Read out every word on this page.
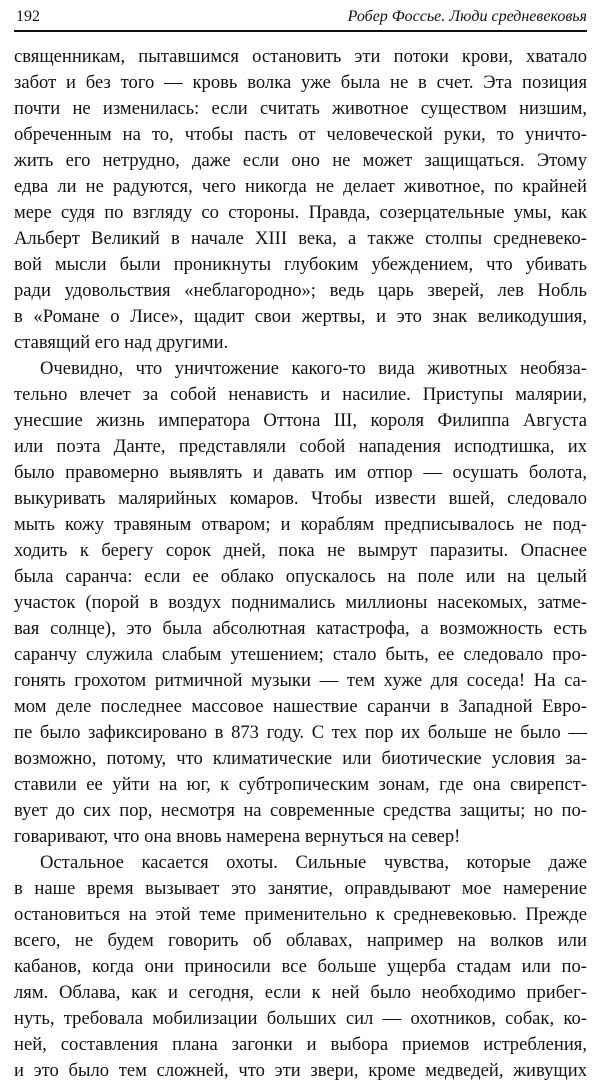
192	Робер Фоссье. Люди средневековья
священникам, пытавшимся остановить эти потоки крови, хватало
забот и без того — кровь волка уже была не в счет. Эта позиция
почти не изменилась: если считать животное существом низшим,
обреченным на то, чтобы пасть от человеческой руки, то уничто-
жить его нетрудно, даже если оно не может защищаться. Этому
едва ли не радуются, чего никогда не делает животное, по крайней
мере судя по взгляду со стороны. Правда, созерцательные умы, как
Альберт Великий в начале XIII века, а также столпы средневеко-
вой мысли были проникнуты глубоким убеждением, что убивать
ради удовольствия «неблагородно»; ведь царь зверей, лев Нобль
в «Романе о Лисе», щадит свои жертвы, и это знак великодушия,
ставящий его над другими.
Очевидно, что уничтожение какого-то вида животных необяза-
тельно влечет за собой ненависть и насилие. Приступы малярии,
унесшие жизнь императора Оттона III, короля Филиппа Августа
или поэта Данте, представляли собой нападения исподтишка, их
было правомерно выявлять и давать им отпор — осушать болота,
выкуривать малярийных комаров. Чтобы извести вшей, следовало
мыть кожу травяным отваром; и кораблям предписывалось не под-
ходить к берегу сорок дней, пока не вымрут паразиты. Опаснее
была саранча: если ее облако опускалось на поле или на целый
участок (порой в воздух поднимались миллионы насекомых, затме-
вая солнце), это была абсолютная катастрофа, а возможность есть
саранчу служила слабым утешением; стало быть, ее следовало про-
гонять грохотом ритмичной музыки — тем хуже для соседа! На са-
мом деле последнее массовое нашествие саранчи в Западной Евро-
пе было зафиксировано в 873 году. С тех пор их больше не было —
возможно, потому, что климатические или биотические условия за-
ставили ее уйти на юг, к субтропическим зонам, где она свирепст-
вует до сих пор, несмотря на современные средства защиты; но по-
говаривают, что она вновь намерена вернуться на север!
Остальное касается охоты. Сильные чувства, которые даже
в наше время вызывает это занятие, оправдывают мое намерение
остановиться на этой теме применительно к средневековью. Прежде
всего, не будем говорить об облавах, например на волков или
кабанов, когда они приносили все больше ущерба стадам или по-
лям. Облава, как и сегодня, если к ней было необходимо прибег-
нуть, требовала мобилизации больших сил — охотников, собак, ко-
ней, составления плана загонки и выбора приемов истребления,
и это было тем сложней, что эти звери, кроме медведей, живущих
